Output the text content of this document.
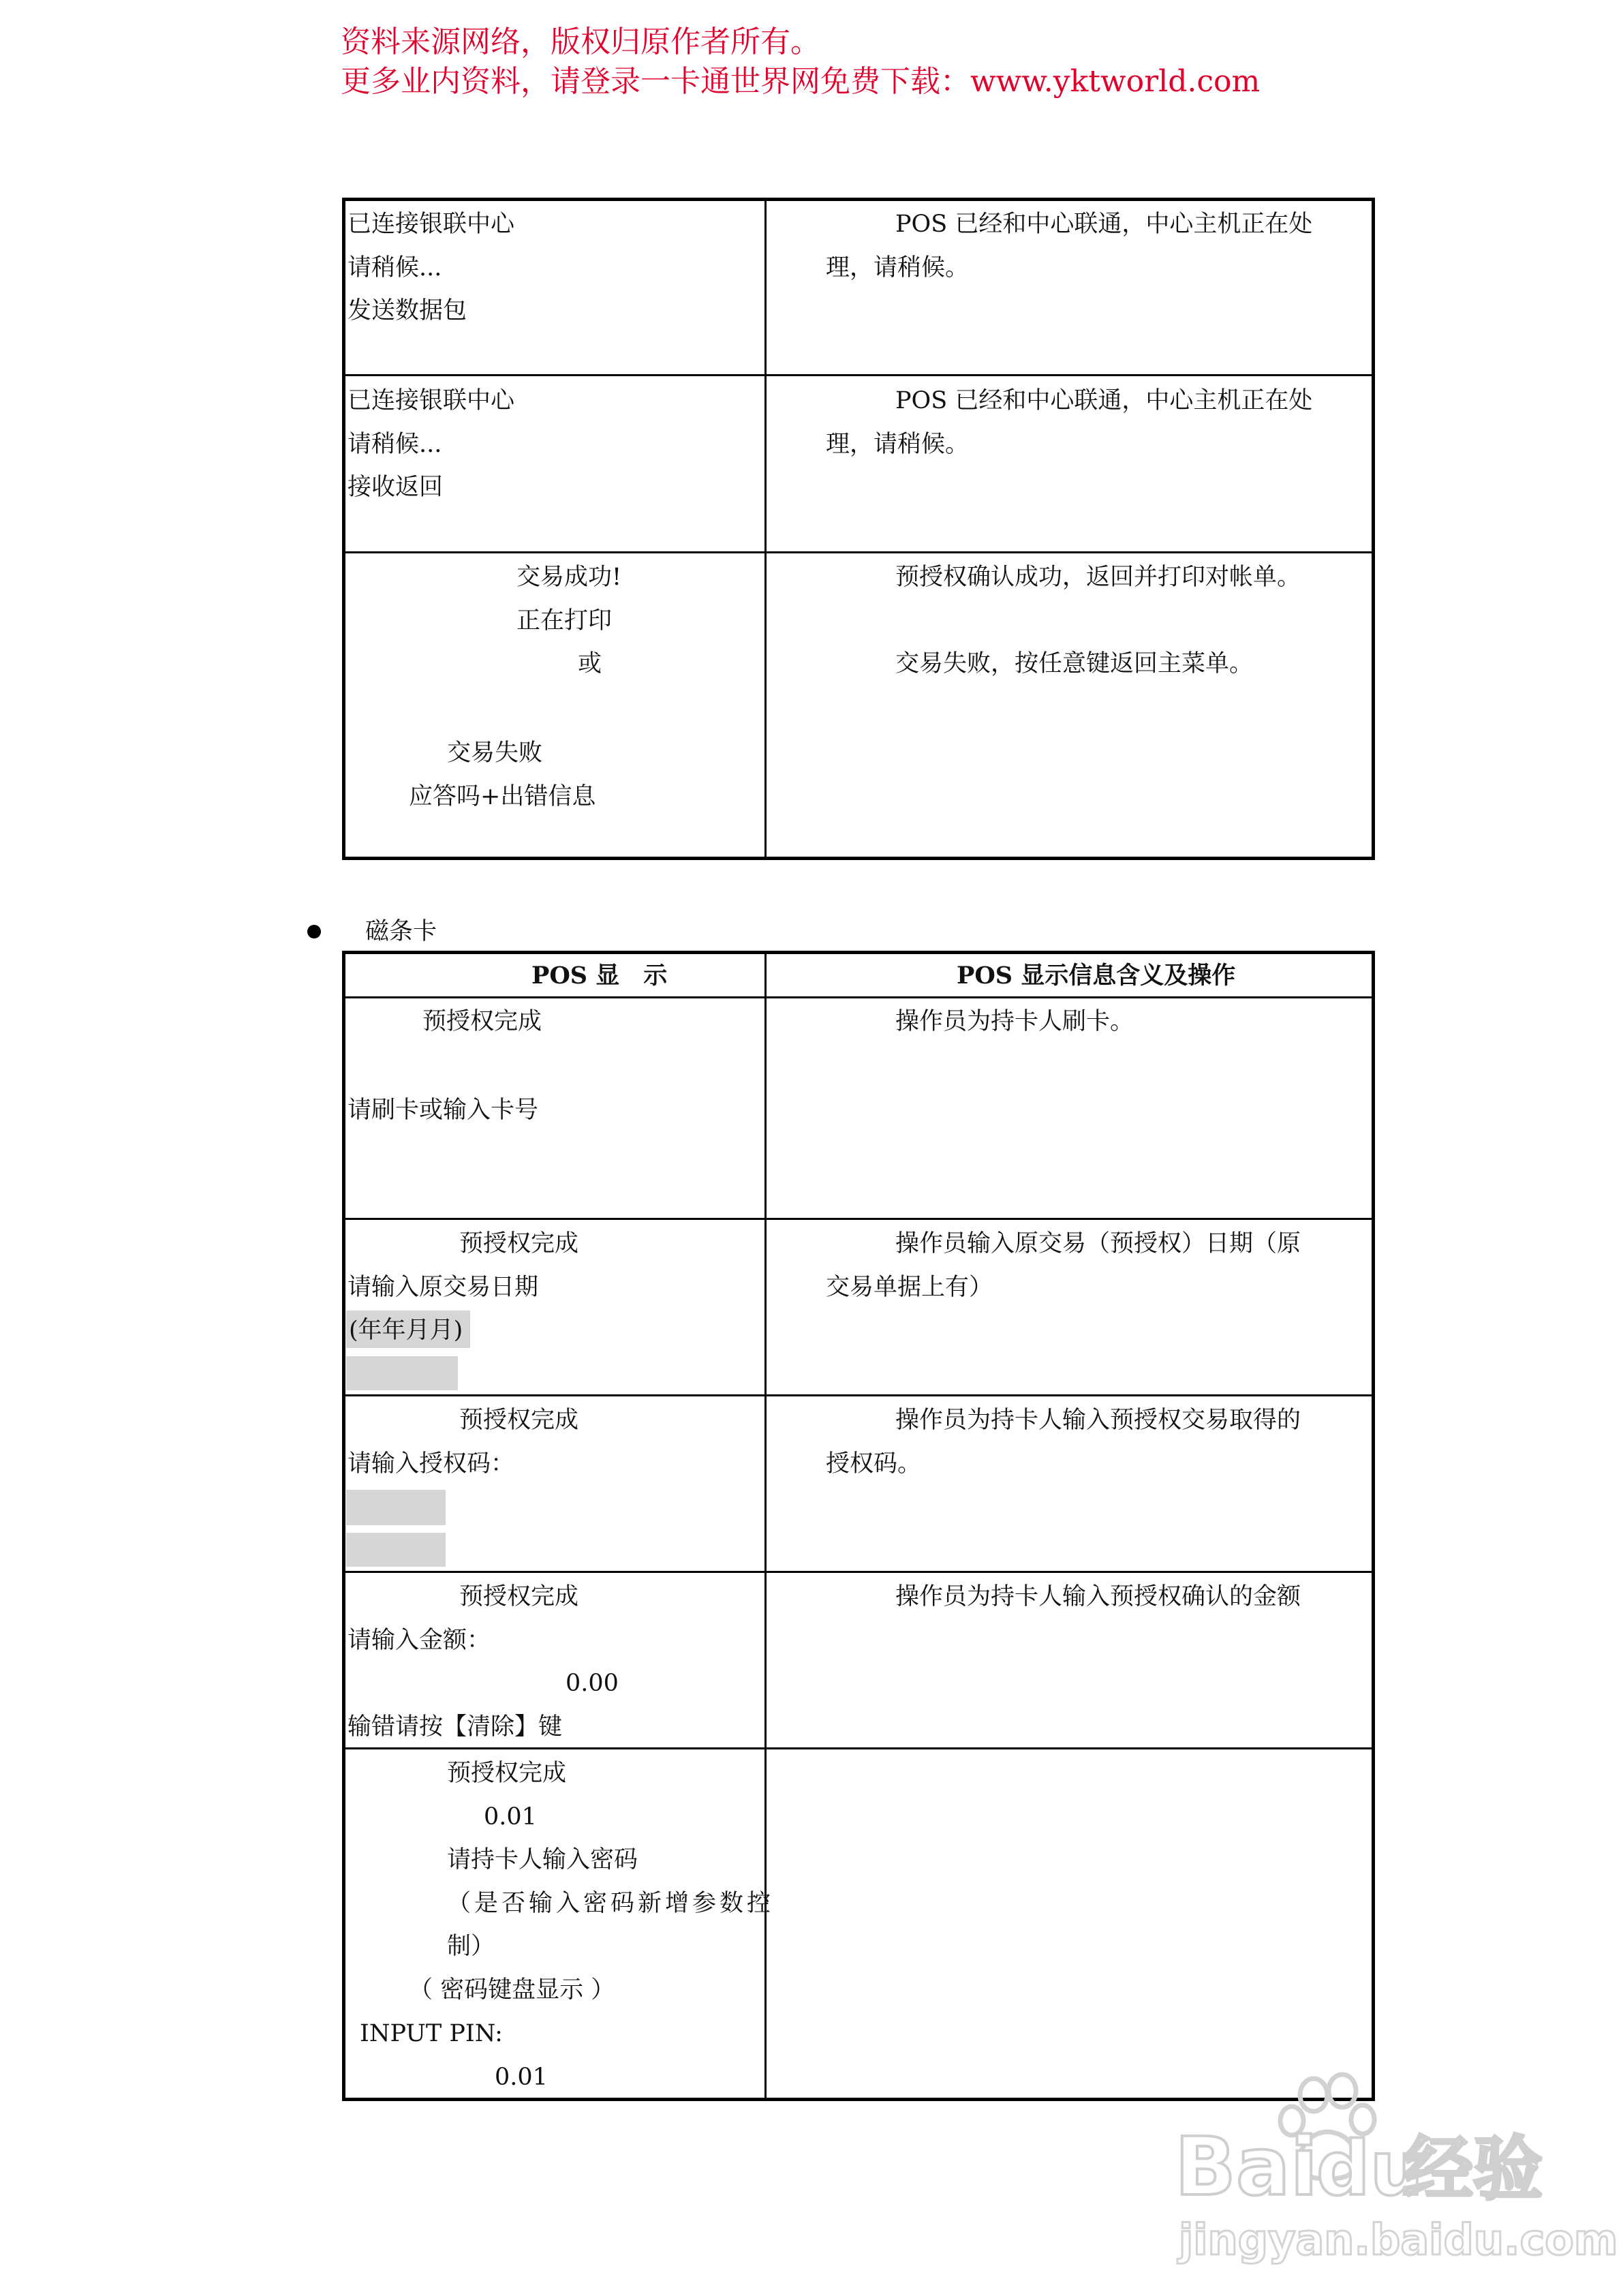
资料来源网络，版权归原作者所有。
更多业内资料，请登录一卡通世界网免费下载：www.yktworld.com
已连接银联中心
请稍候...
发送数据包
POS 已经和中心联通，中心主机正在处
理，请稍候。
已连接银联中心
请稍候...
接收返回
POS 已经和中心联通，中心主机正在处
理，请稍候。
交易成功!
正在打印
或
交易失败
应答吗+出错信息
预授权确认成功，返回并打印对帐单。
交易失败，按任意键返回主菜单。
磁条卡
POS 显　示	POS 显示信息含义及操作
预授权完成
请刷卡或输入卡号
操作员为持卡人刷卡。
预授权完成
请输入原交易日期
(年年月月)
操作员输入原交易（预授权）日期（原
交易单据上有）
预授权完成
请输入授权码：
操作员为持卡人输入预授权交易取得的
授权码。
预授权完成
请输入金额：
0.00
输错请按【清除】键
操作员为持卡人输入预授权确认的金额
预授权完成
0.01
请持卡人输入密码
（是否输入密码新增参数控
制）
（ 密码键盘显示 ）
INPUT PIN:
0.01
Bai
du
经验
jingyan.baidu.com
